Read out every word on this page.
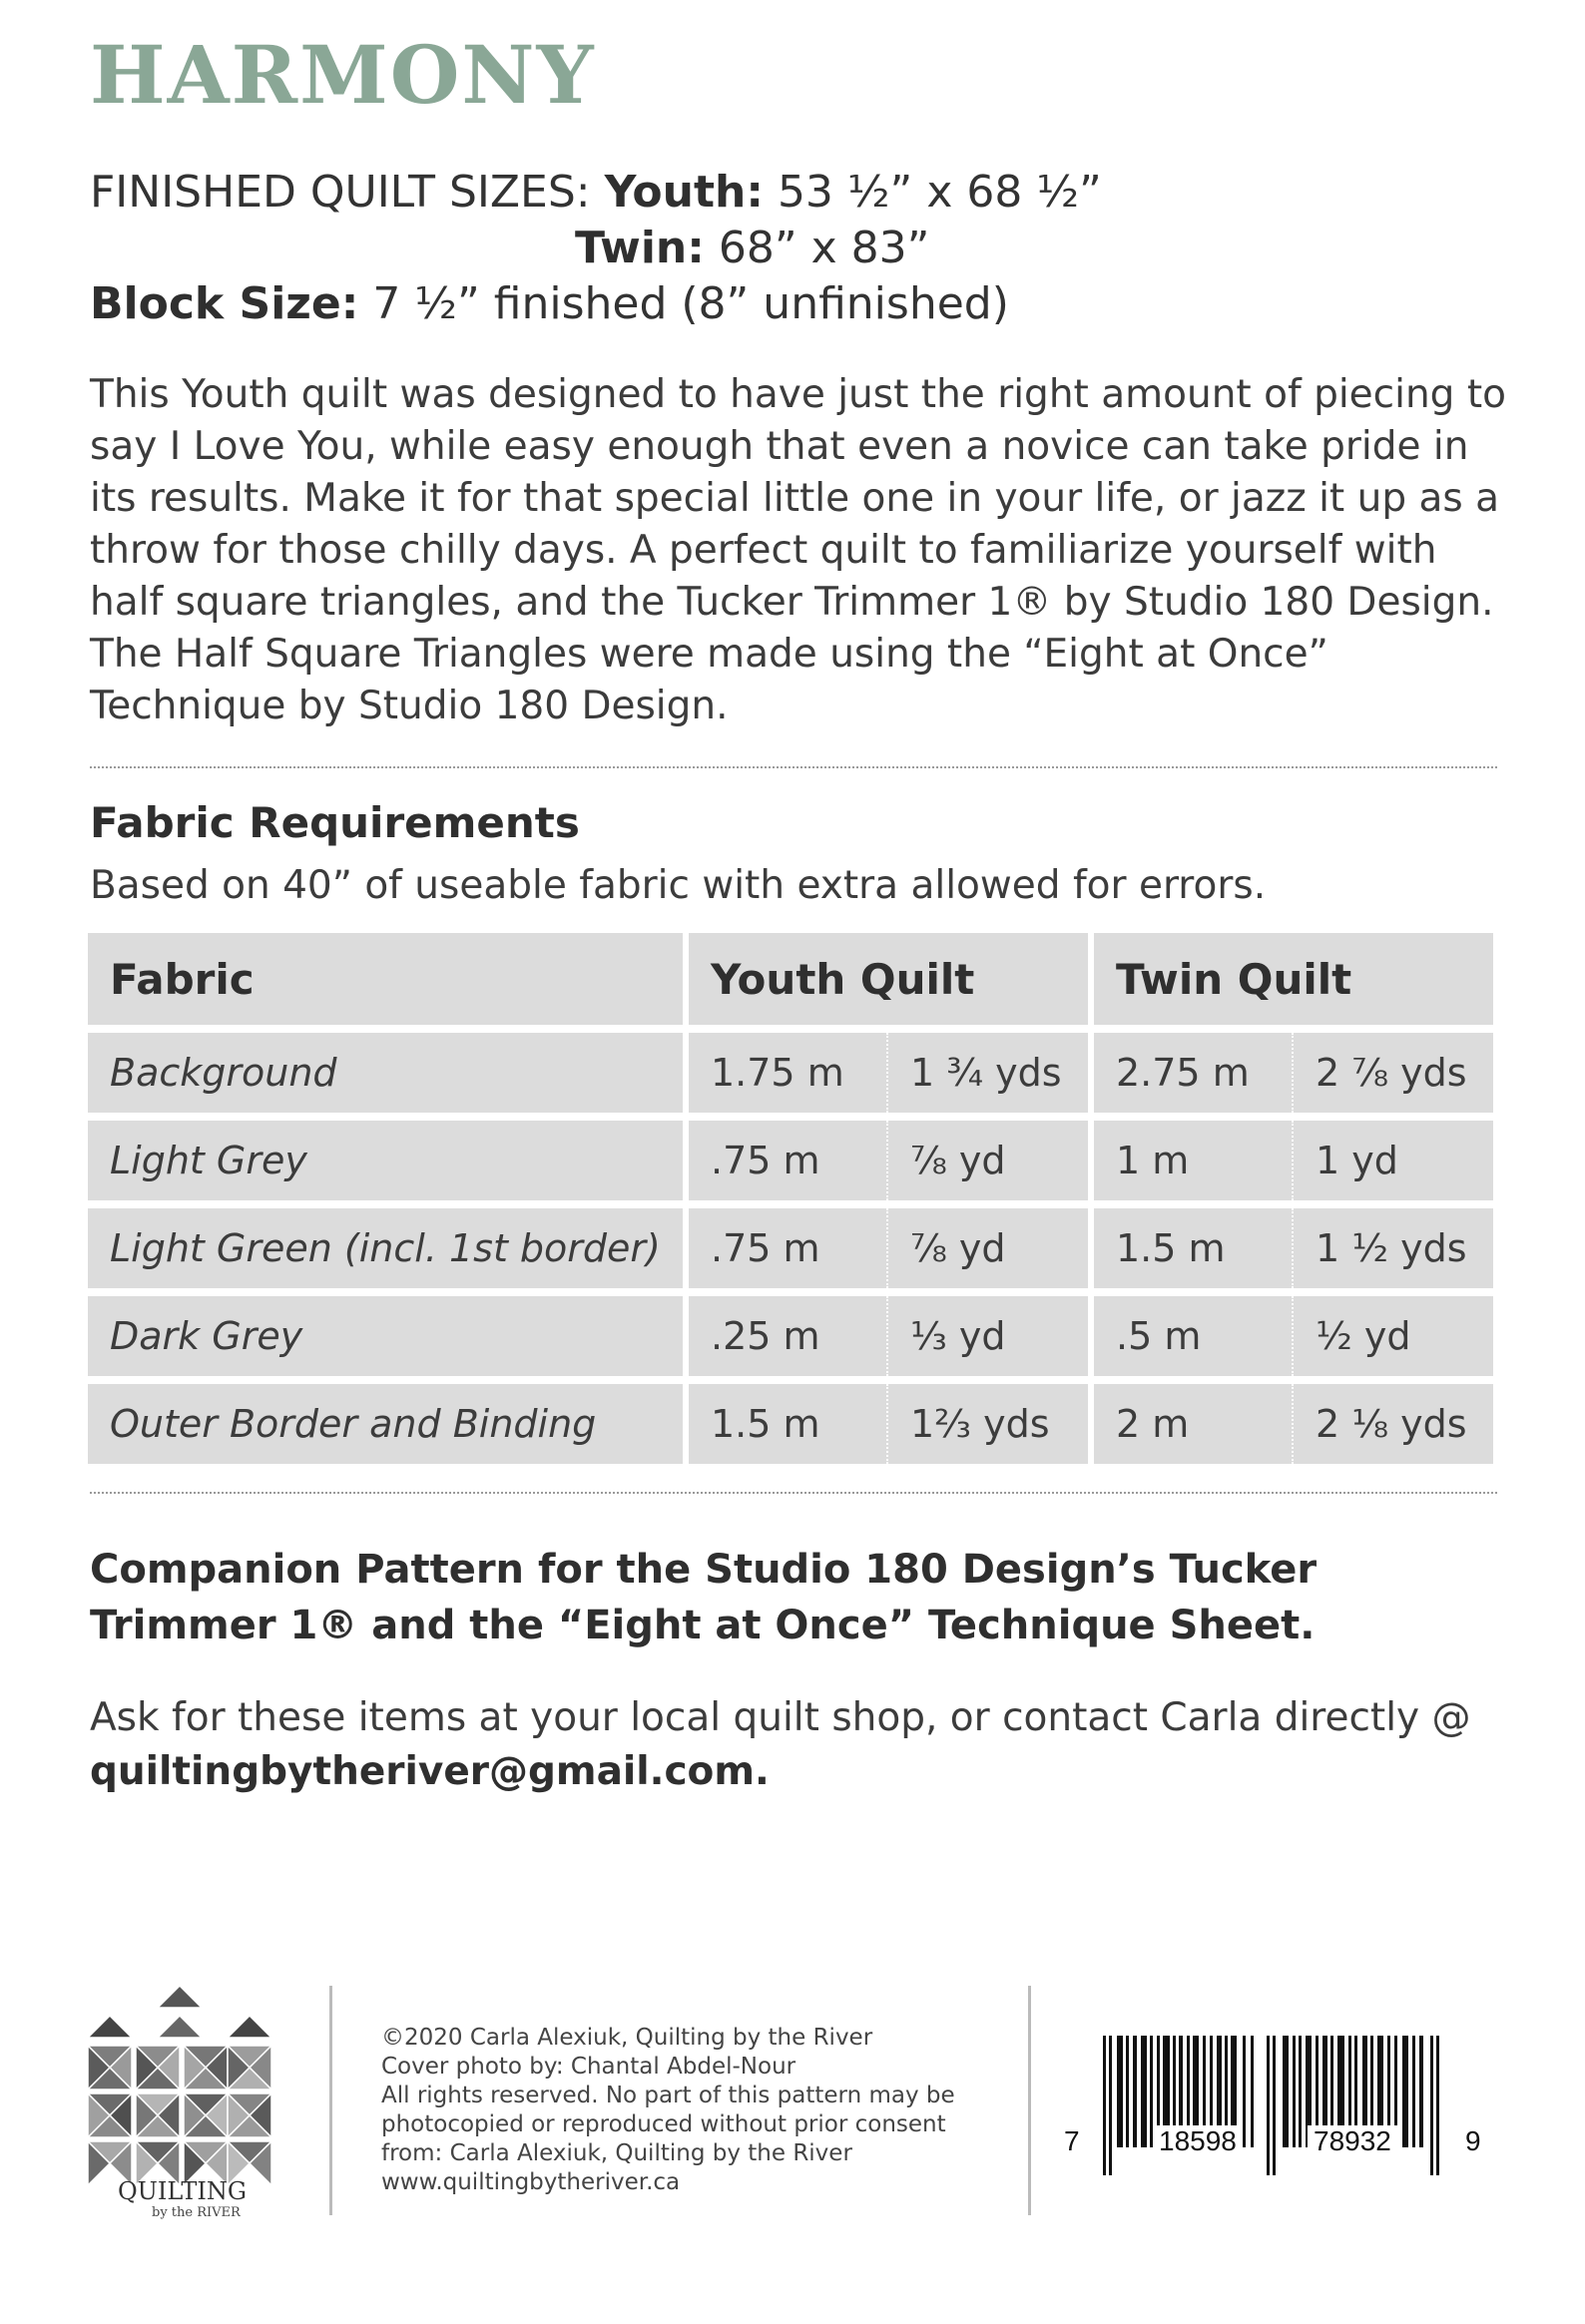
HARMONY
FINISHED QUILT SIZES: Youth: 53 ½” x 68 ½”
Twin: 68” x 83”
Block Size: 7 ½” finished (8” unfinished)

This Youth quilt was designed to have just the right amount of piecing to say I Love You, while easy enough that even a novice can take pride in its results. Make it for that special little one in your life, or jazz it up as a throw for those chilly days. A perfect quilt to familiarize yourself with half square triangles, and the Tucker Trimmer 1® by Studio 180 Design. The Half Square Triangles were made using the “Eight at Once” Technique by Studio 180 Design.

Fabric Requirements

Based on 40” of useable fabric with extra allowed for errors.

Fabric	Youth Quilt	Twin Quilt
Background	1.75 m	1 ¾ yds	2.75 m	2 ⅞ yds
Light Grey	.75 m	⅞ yd	1 m	1 yd
Light Green (incl. 1st border)	.75 m	⅞ yd	1.5 m	1 ½ yds
Dark Grey	.25 m	⅓ yd	.5 m	½ yd
Outer Border and Binding	1.5 m	1⅔ yds	2 m	2 ⅛ yds

Companion Pattern for the Studio 180 Design’s Tucker Trimmer 1® and the “Eight at Once” Technique Sheet.

Ask for these items at your local quilt shop, or contact Carla directly @
quiltingbytheriver@gmail.com.

QUILTING
by the RIVER
©2020 Carla Alexiuk, Quilting by the River
Cover photo by: Chantal Abdel-Nour
All rights reserved. No part of this pattern may be
photocopied or reproduced without prior consent
from: Carla Alexiuk, Quilting by the River
www.quiltingbytheriver.ca
7	18598	78932	9
